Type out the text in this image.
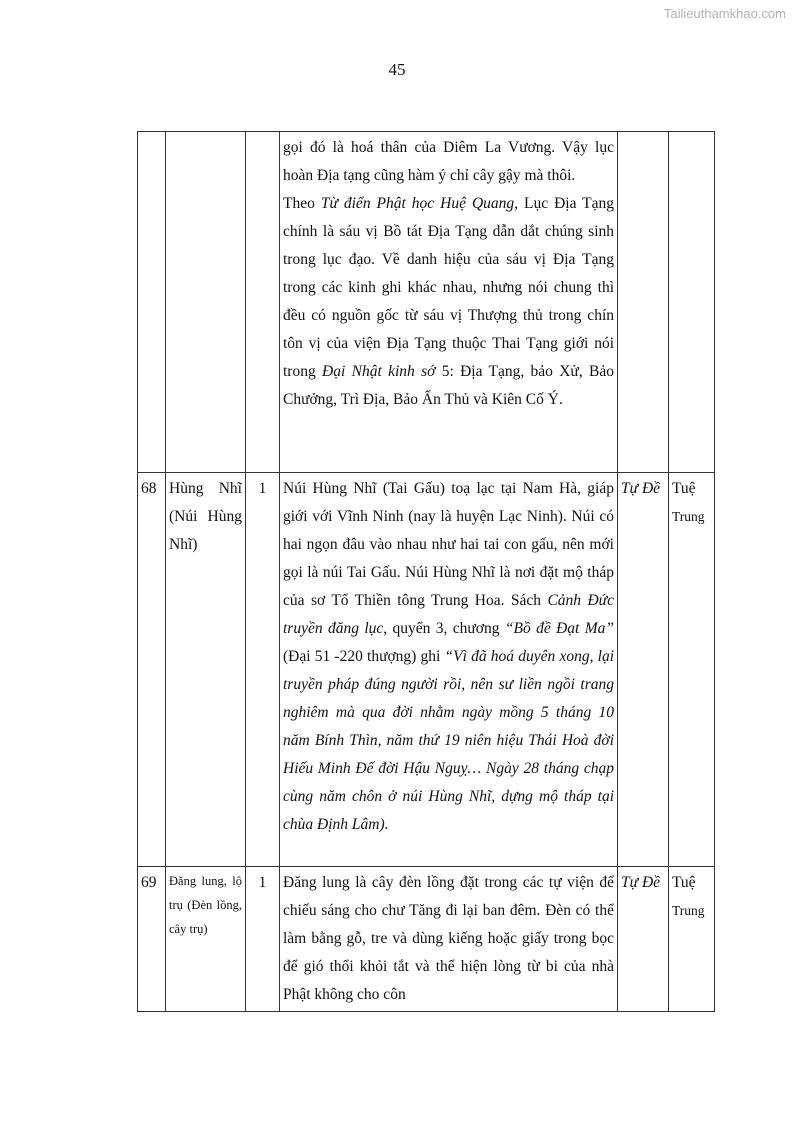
Tailieuthamkhao.com
45

			gọi đó là hoá thân của Diêm La Vương. Vậy lục hoàn Địa tạng cũng hàm ý chỉ cây gậy mà thôi.

Theo Từ điển Phật học Huệ Quang, Lục Địa Tạng chính là sáu vị Bồ tát Địa Tạng dẫn dắt chúng sinh trong lục đạo. Về danh hiệu của sáu vị Địa Tạng trong các kinh ghi khác nhau, nhưng nói chung thì đều có nguồn gốc từ sáu vị Thượng thủ trong chín tôn vị của viện Địa Tạng thuộc Thai Tạng giới nói trong Đại Nhật kinh sớ 5: Địa Tạng, bảo Xử, Bảo Chưởng, Trì Địa, Bảo Ấn Thủ và Kiên Cố Ý.		

68	Hùng Nhĩ (Núi Hùng Nhĩ)	1	Núi Hùng Nhĩ (Tai Gấu) toạ lạc tại Nam Hà, giáp giới với Vĩnh Ninh (nay là huyện Lạc Ninh). Núi có hai ngọn đâu vào nhau như hai tai con gấu, nên mới gọi là núi Tai Gấu. Núi Hùng Nhĩ là nơi đặt mộ tháp của sơ Tổ Thiền tông Trung Hoa. Sách Cảnh Đức truyền đăng lục, quyển 3, chương “Bồ đề Đạt Ma” (Đại 51 -220 thượng) ghi “Vì đã hoá duyên xong, lại truyền pháp đúng người rồi, nên sư liền ngồi trang nghiêm mà qua đời nhằm ngày mồng 5 tháng 10 năm Bính Thìn, năm thứ 19 niên hiệu Thái Hoà đời Hiếu Minh Đế đời Hậu Nguỵ… Ngày 28 tháng chạp cùng năm chôn ở núi Hùng Nhĩ, dựng mộ tháp tại chùa Định Lâm).	Tự Đề	Tuệ
Trung

69	Đăng lung, lộ trụ (Đèn lồng, cây trụ)	1	Đăng lung là cây đèn lồng đặt trong các tự viện để chiếu sáng cho chư Tăng đi lại ban đêm. Đèn có thể làm bằng gỗ, tre và dùng kiếng hoặc giấy trong bọc để gió thổi khỏi tắt và thể hiện lòng từ bi của nhà Phật không cho côn	Tự Đề	Tuệ
Trung
